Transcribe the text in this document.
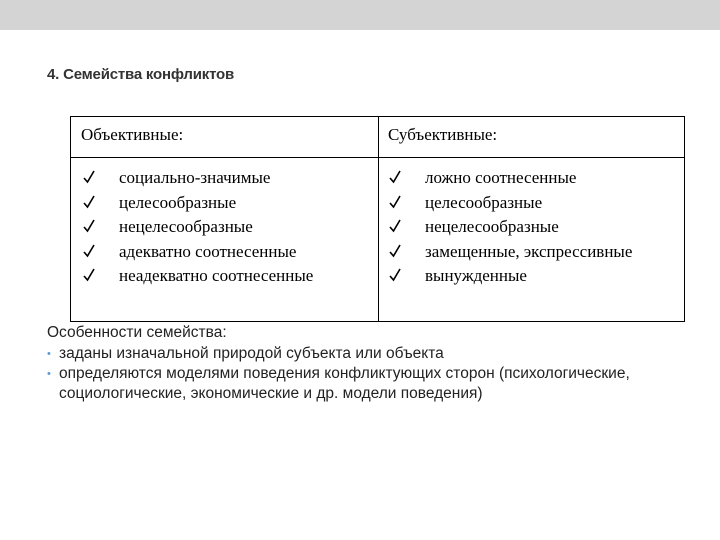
4. Семейства конфликтов
Объективные:	Субъективные:
социально-значимые
целесообразные
нецелесообразные
адекватно соотнесенные
неадекватно соотнесенные
ложно соотнесенные
целесообразные
нецелесообразные
замещенные, экспрессивные
вынужденные
Особенности семейства:
• заданы изначальной природой субъекта или объекта
• определяются моделями поведения конфликтующих сторон (психологические, социологические, экономические и др. модели поведения)
